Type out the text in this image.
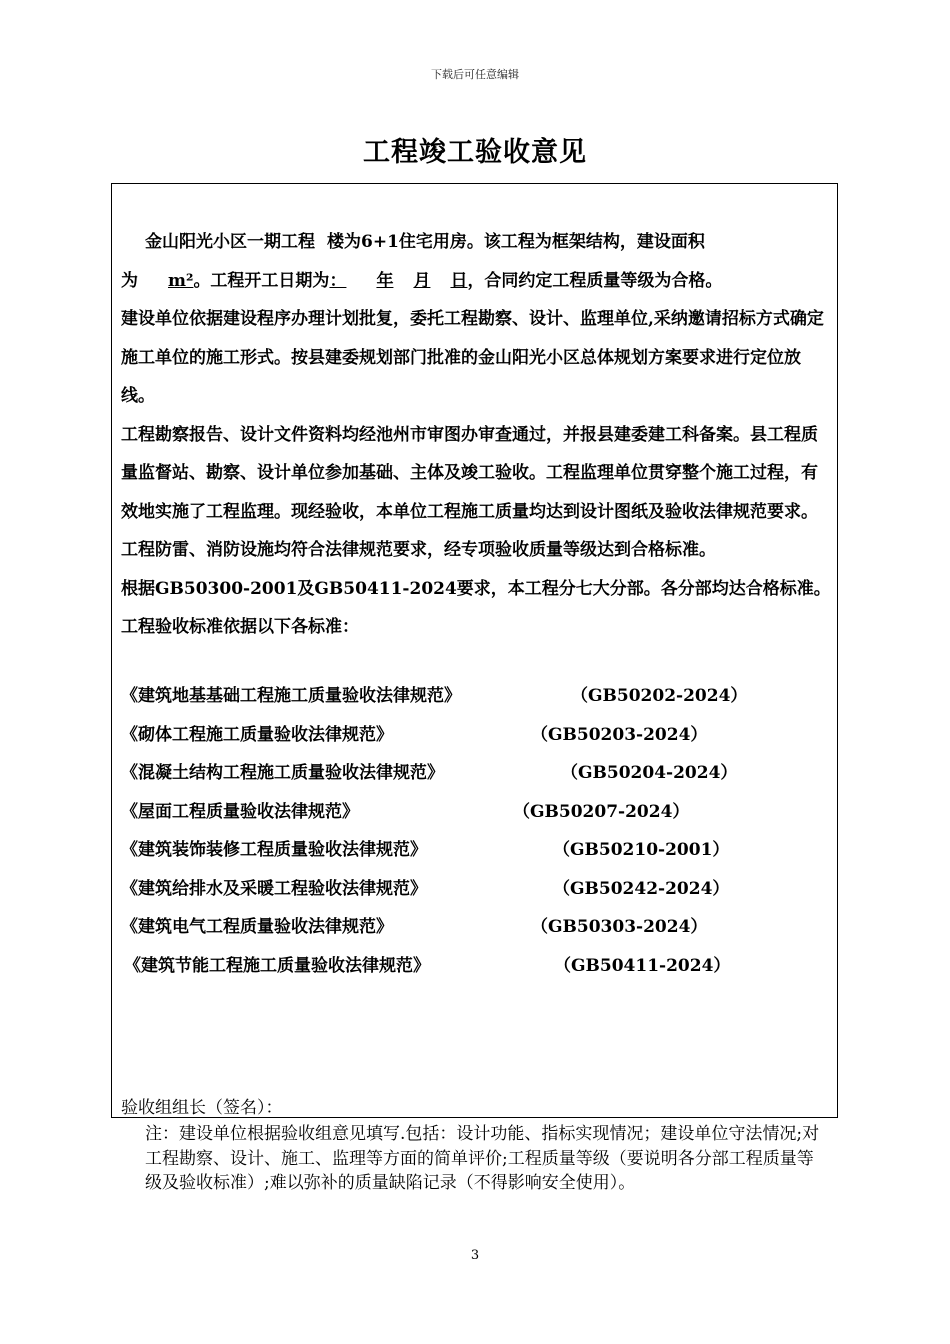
下载后可任意编辑
工程竣工验收意见

金山阳光小区一期工程 楼为6+1住宅用房。该工程为框架结构，建设面积

为 m²。工程开工日期为： 年 月 日，合同约定工程质量等级为合格。

建设单位依据建设程序办理计划批复，委托工程勘察、设计、监理单位,采纳邀请招标方式确定施工单位的施工形式。按县建委规划部门批准的金山阳光小区总体规划方案要求进行定位放线。

工程勘察报告、设计文件资料均经池州市审图办审查通过，并报县建委建工科备案。县工程质量监督站、勘察、设计单位参加基础、主体及竣工验收。工程监理单位贯穿整个施工过程，有效地实施了工程监理。现经验收，本单位工程施工质量均达到设计图纸及验收法律规范要求。工程防雷、消防设施均符合法律规范要求，经专项验收质量等级达到合格标准。

根据GB50300-2001及GB50411-2024要求，本工程分七大分部。各分部均达合格标准。工程验收标准依据以下各标准：

《建筑地基基础工程施工质量验收法律规范》	（GB50202-2024）
《砌体工程施工质量验收法律规范》	（GB50203-2024）
《混凝土结构工程施工质量验收法律规范》	（GB50204-2024）
《屋面工程质量验收法律规范》	（GB50207-2024）
《建筑装饰装修工程质量验收法律规范》	（GB50210-2001）
《建筑给排水及采暖工程验收法律规范》	（GB50242-2024）
《建筑电气工程质量验收法律规范》	（GB50303-2024）
《建筑节能工程施工质量验收法律规范》	（GB50411-2024）
验收组组长（签名）：
注：建设单位根据验收组意见填写.包括：设计功能、指标实现情况；建设单位守法情况;对工程勘察、设计、施工、监理等方面的简单评价;工程质量等级（要说明各分部工程质量等级及验收标准）;难以弥补的质量缺陷记录（不得影响安全使用）。
3
